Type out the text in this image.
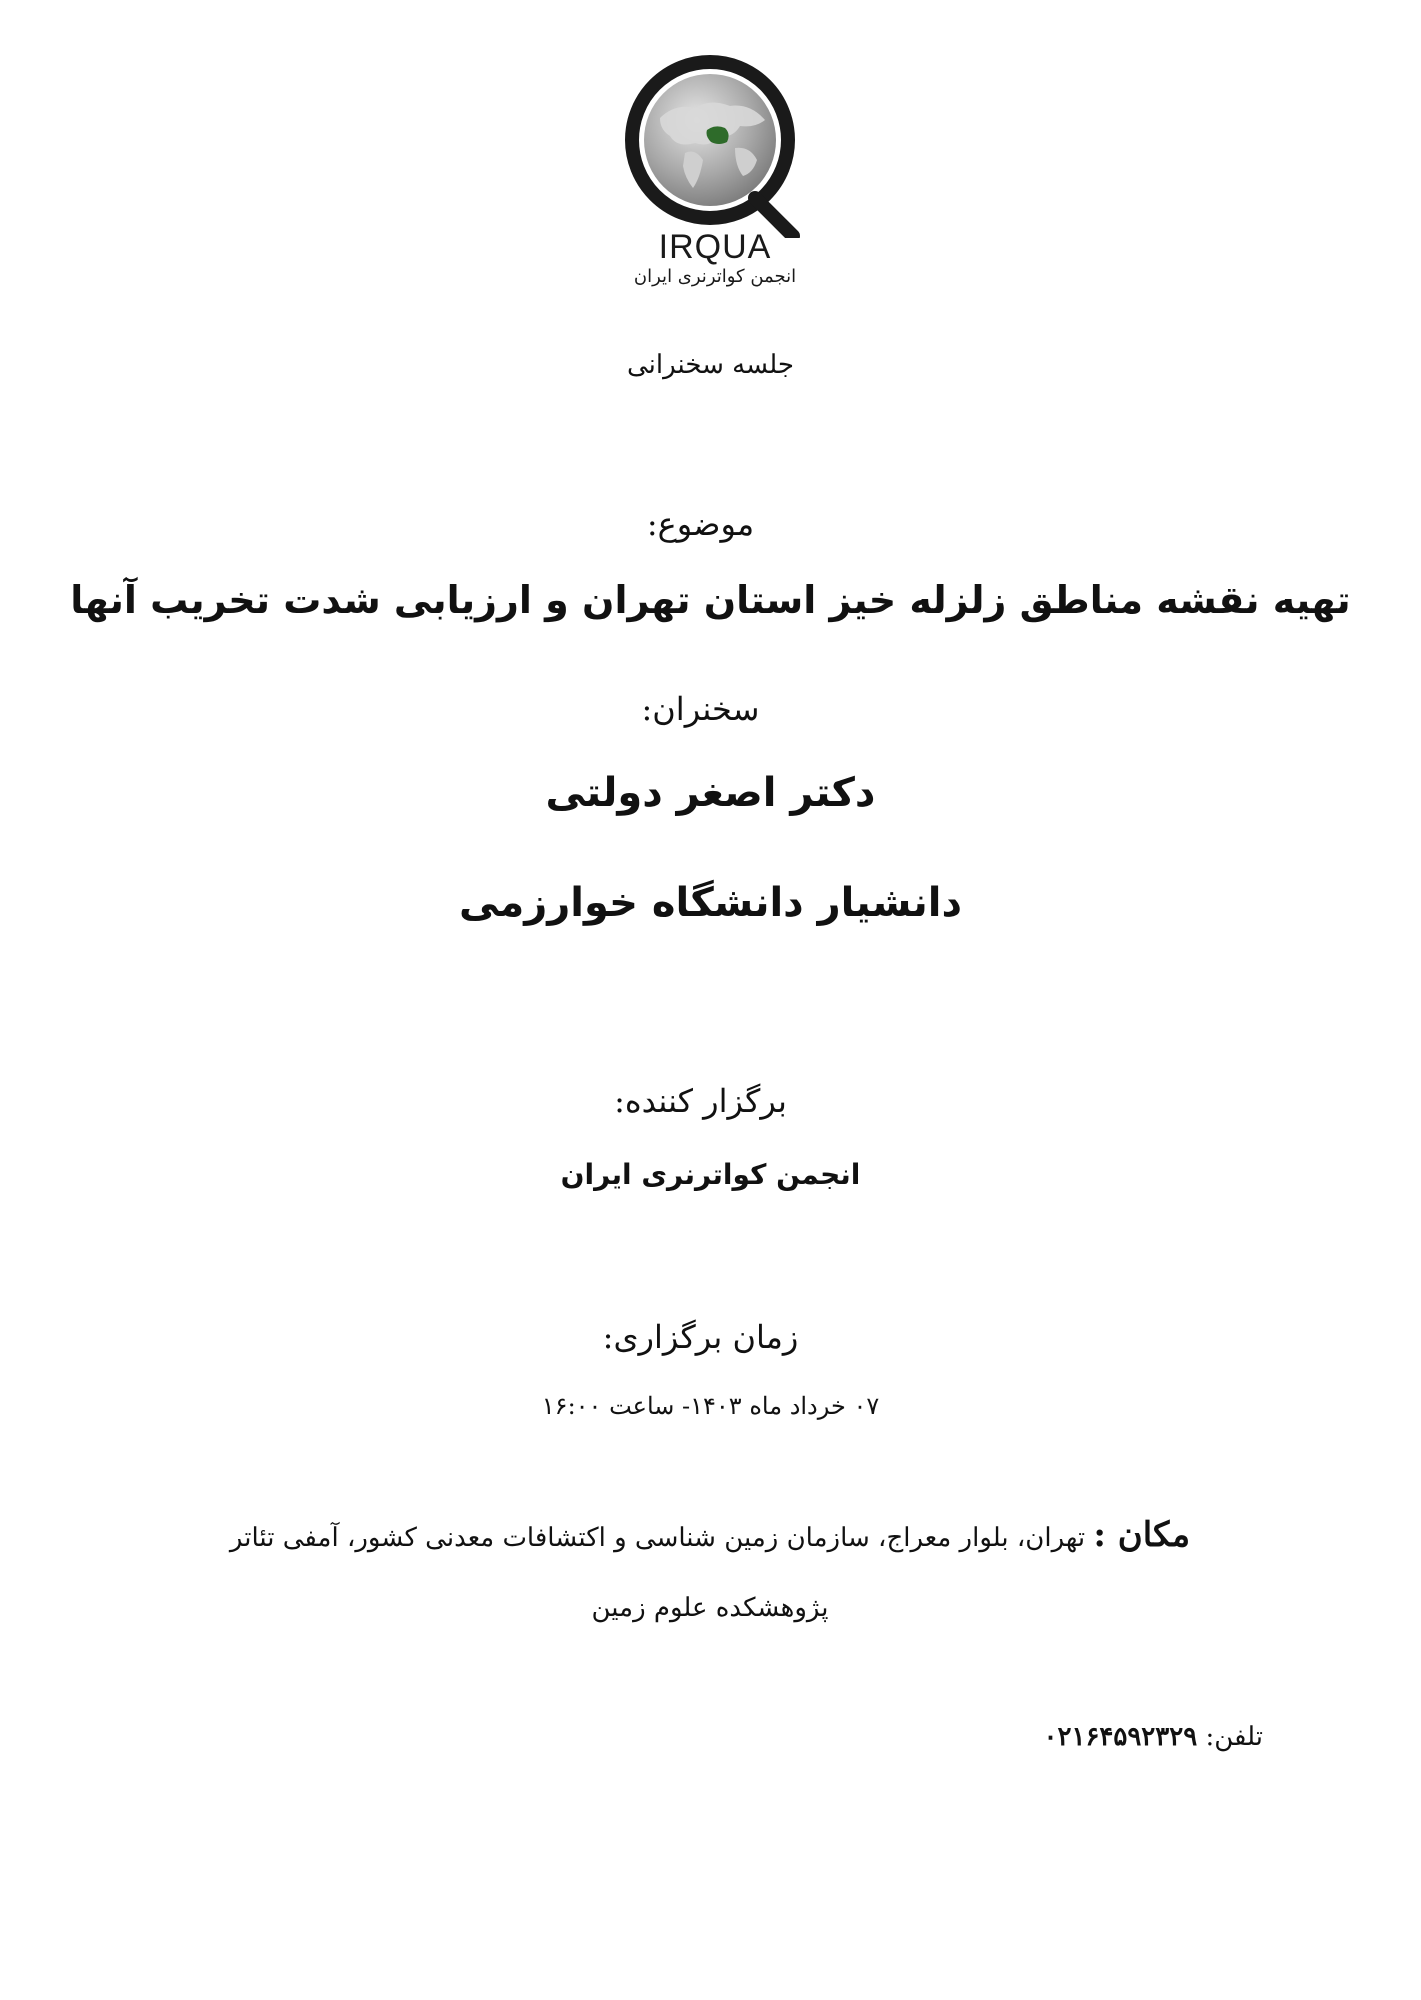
IRQUA
انجمن کواترنری ایران
جلسه سخنرانی
موضوع:
تهیه نقشه مناطق زلزله خیز استان تهران و ارزیابی شدت تخریب آنها
سخنران:
دکتر اصغر دولتی
دانشیار دانشگاه خوارزمی
برگزار کننده:
انجمن کواترنری ایران
زمان برگزاری:
۰۷ خرداد ماه ۱۴۰۳- ساعت ۱۶:۰۰
مکان : تهران، بلوار معراج، سازمان زمین شناسی و اکتشافات معدنی کشور، آمفی تئاتر پژوهشکده علوم زمین
تلفن: ۰۲۱۶۴۵۹۲۳۲۹
